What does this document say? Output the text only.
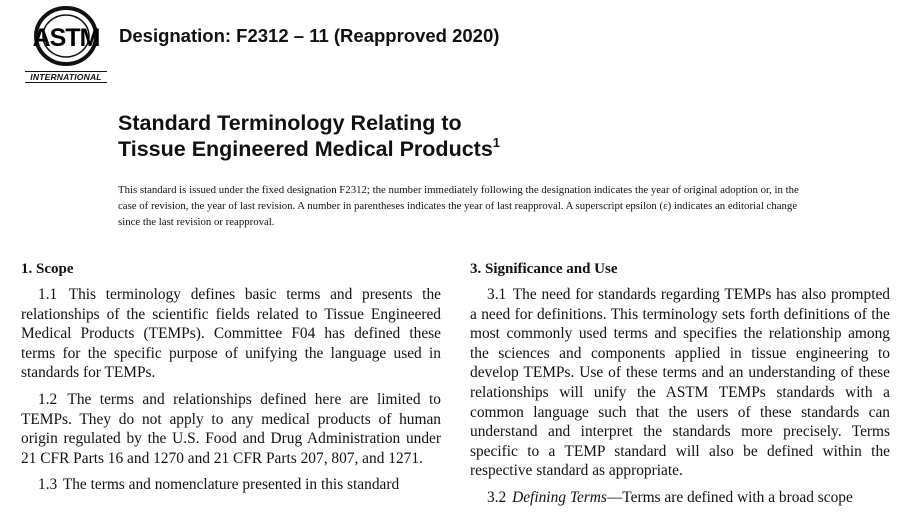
ASTM
INTERNATIONAL
Designation: F2312 – 11 (Reapproved 2020)
Standard Terminology Relating to
Tissue Engineered Medical Products$^1$

This standard is issued under the fixed designation F2312; the number immediately following the designation indicates the year of original adoption or, in the case of revision, the year of last revision. A number in parentheses indicates the year of last reapproval. A superscript epsilon (ε) indicates an editorial change since the last revision or reapproval.

1. Scope

1.1 This terminology defines basic terms and presents the relationships of the scientific fields related to Tissue Engineered Medical Products (TEMPs). Committee F04 has defined these terms for the specific purpose of unifying the language used in standards for TEMPs.

1.2 The terms and relationships defined here are limited to TEMPs. They do not apply to any medical products of human origin regulated by the U.S. Food and Drug Administration under 21 CFR Parts 16 and 1270 and 21 CFR Parts 207, 807, and 1271.

1.3 The terms and nomenclature presented in this standard

3. Significance and Use

3.1 The need for standards regarding TEMPs has also prompted a need for definitions. This terminology sets forth definitions of the most commonly used terms and specifies the relationship among the sciences and components applied in tissue engineering to develop TEMPs. Use of these terms and an understanding of these relationships will unify the ASTM TEMPs standards with a common language such that the users of these standards can understand and interpret the standards more precisely. Terms specific to a TEMP standard will also be defined within the respective standard as appropriate.

3.2 Defining Terms—Terms are defined with a broad scope
